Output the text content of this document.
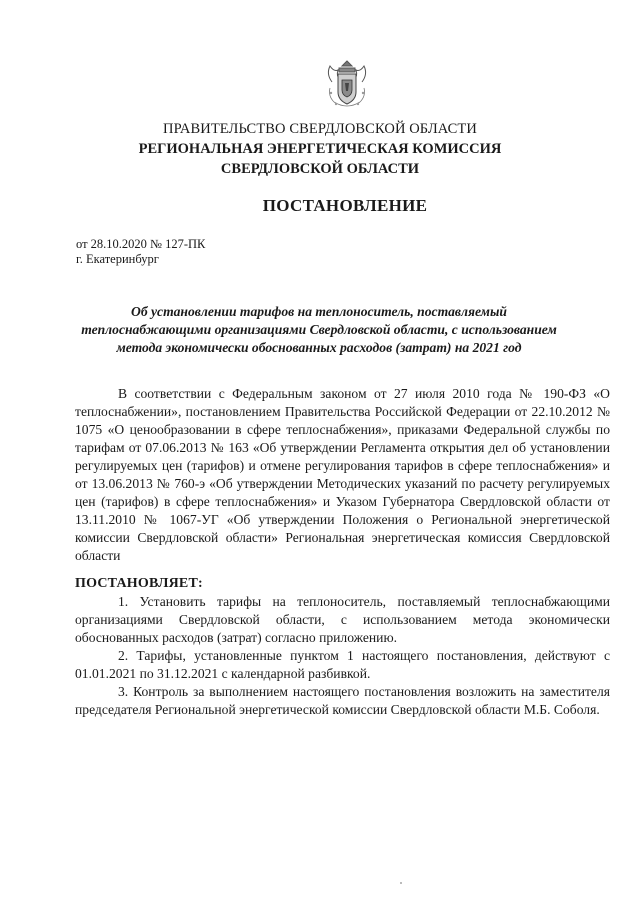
ПРАВИТЕЛЬСТВО СВЕРДЛОВСКОЙ ОБЛАСТИ
РЕГИОНАЛЬНАЯ ЭНЕРГЕТИЧЕСКАЯ КОМИССИЯ
СВЕРДЛОВСКОЙ ОБЛАСТИ
ПОСТАНОВЛЕНИЕ
от 28.10.2020 № 127-ПК
г. Екатеринбург
Об установлении тарифов на теплоноситель, поставляемый теплоснабжающими организациями Свердловской области, с использованием метода экономически обоснованных расходов (затрат) на 2021 год
В соответствии с Федеральным законом от 27 июля 2010 года № 190-ФЗ «О теплоснабжении», постановлением Правительства Российской Федерации от 22.10.2012 № 1075 «О ценообразовании в сфере теплоснабжения», приказами Федеральной службы по тарифам от 07.06.2013 № 163 «Об утверждении Регламента открытия дел об установлении регулируемых цен (тарифов) и отмене регулирования тарифов в сфере теплоснабжения» и от 13.06.2013 № 760-э «Об утверждении Методических указаний по расчету регулируемых цен (тарифов) в сфере теплоснабжения» и Указом Губернатора Свердловской области от 13.11.2010 № 1067-УГ «Об утверждении Положения о Региональной энергетической комиссии Свердловской области» Региональная энергетическая комиссия Свердловской области
ПОСТАНОВЛЯЕТ:
1. Установить тарифы на теплоноситель, поставляемый теплоснабжающими организациями Свердловской области, с использованием метода экономически обоснованных расходов (затрат) согласно приложению.
2. Тарифы, установленные пунктом 1 настоящего постановления, действуют с 01.01.2021 по 31.12.2021 с календарной разбивкой.
3. Контроль за выполнением настоящего постановления возложить на заместителя председателя Региональной энергетической комиссии Свердловской области М.Б. Соболя.
